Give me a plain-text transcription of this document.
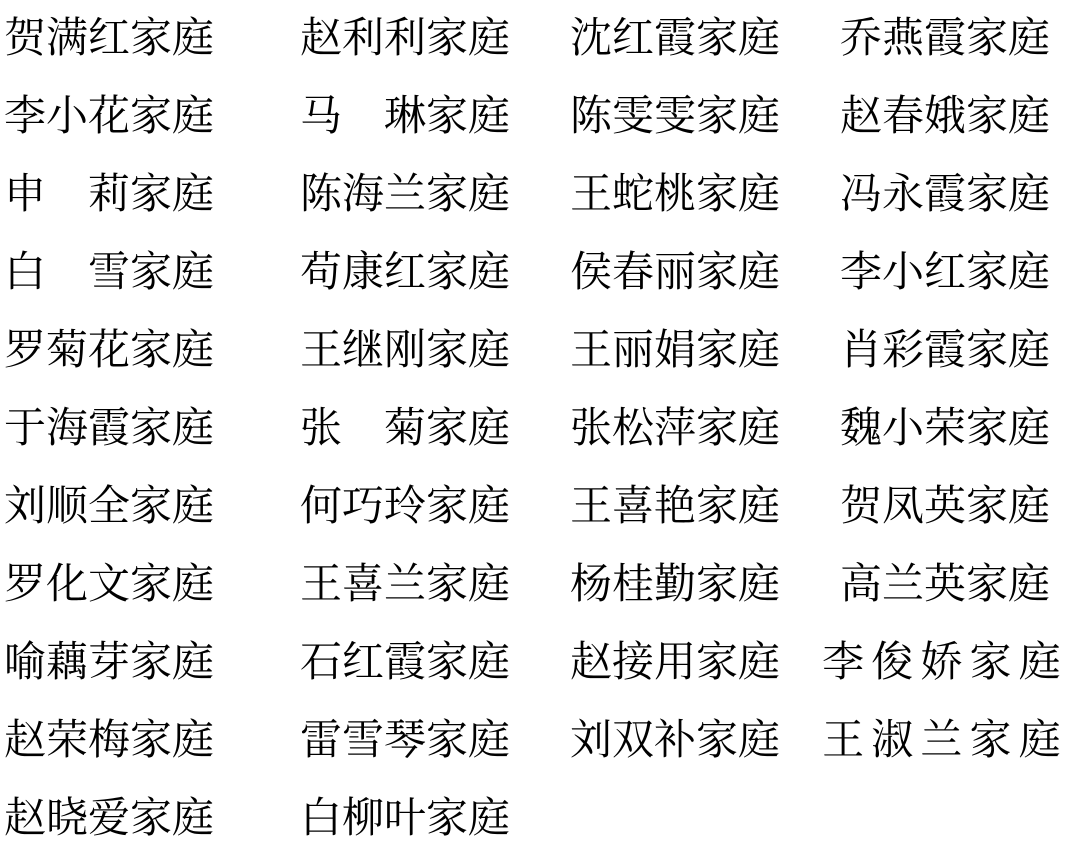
贺满红家庭	赵利利家庭	沈红霞家庭	乔燕霞家庭
李小花家庭	马　琳家庭	陈雯雯家庭	赵春娥家庭
申　莉家庭	陈海兰家庭	王蛇桃家庭	冯永霞家庭
白　雪家庭	苟康红家庭	侯春丽家庭	李小红家庭
罗菊花家庭	王继刚家庭	王丽娟家庭	肖彩霞家庭
于海霞家庭	张　菊家庭	张松萍家庭	魏小荣家庭
刘顺全家庭	何巧玲家庭	王喜艳家庭	贺凤英家庭
罗化文家庭	王喜兰家庭	杨桂勤家庭	高兰英家庭
喻藕芽家庭	石红霞家庭	赵接用家庭	李俊娇家庭
赵荣梅家庭	雷雪琴家庭	刘双补家庭	王淑兰家庭
赵晓爱家庭	白柳叶家庭
